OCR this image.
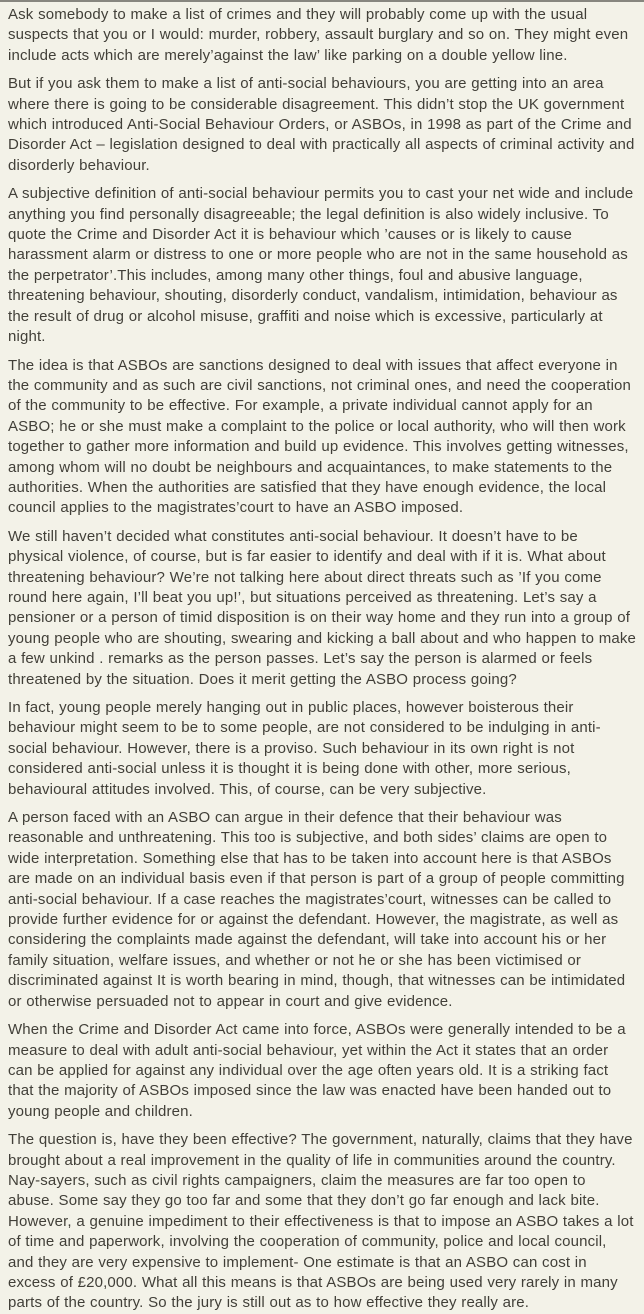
Ask somebody to make a list of crimes and they will probably come up with the usual suspects that you or I would: murder, robbery, assault burglary and so on. They might even include acts which are merely’against the law’ like parking on a double yellow line.

But if you ask them to make a list of anti-social behaviours, you are getting into an area where there is going to be considerable disagreement. This didn’t stop the UK government which introduced Anti-Social Behaviour Orders, or ASBOs, in 1998 as part of the Crime and Disorder Act – legislation designed to deal with practically all aspects of criminal activity and disorderly behaviour.

A subjective definition of anti-social behaviour permits you to cast your net wide and include anything you find personally disagreeable; the legal definition is also widely inclusive. To quote the Crime and Disorder Act it is behaviour which ’causes or is likely to cause harassment alarm or distress to one or more people who are not in the same household as the perpetrator’.This includes, among many other things, foul and abusive language, threatening behaviour, shouting, disorderly conduct, vandalism, intimidation, behaviour as the result of drug or alcohol misuse, graffiti and noise which is excessive, particularly at night.

The idea is that ASBOs are sanctions designed to deal with issues that affect everyone in the community and as such are civil sanctions, not criminal ones, and need the cooperation of the community to be effective. For example, a private individual cannot apply for an ASBO; he or she must make a complaint to the police or local authority, who will then work together to gather more information and build up evidence. This involves getting witnesses, among whom will no doubt be neighbours and acquaintances, to make statements to the authorities. When the authorities are satisfied that they have enough evidence, the local council applies to the magistrates’court to have an ASBO imposed.

We still haven’t decided what constitutes anti-social behaviour. It doesn’t have to be physical violence, of course, but is far easier to identify and deal with if it is. What about threatening behaviour? We’re not talking here about direct threats such as ’If you come round here again, I’ll beat you up!’, but situations perceived as threatening. Let’s say a pensioner or a person of timid disposition is on their way home and they run into a group of young people who are shouting, swearing and kicking a ball about and who happen to make a few unkind . remarks as the person passes. Let’s say the person is alarmed or feels threatened by the situation. Does it merit getting the ASBO process going?

In fact, young people merely hanging out in public places, however boisterous their behaviour might seem to be to some people, are not considered to be indulging in anti-social behaviour. However, there is a proviso. Such behaviour in its own right is not considered anti-social unless it is thought it is being done with other, more serious, behavioural attitudes involved. This, of course, can be very subjective.

A person faced with an ASBO can argue in their defence that their behaviour was reasonable and unthreatening. This too is subjective, and both sides’ claims are open to wide interpretation. Something else that has to be taken into account here is that ASBOs are made on an individual basis even if that person is part of a group of people committing anti-social behaviour. If a case reaches the magistrates’court, witnesses can be called to provide further evidence for or against the defendant. However, the magistrate, as well as considering the complaints made against the defendant, will take into account his or her family situation, welfare issues, and whether or not he or she has been victimised or discriminated against It is worth bearing in mind, though, that witnesses can be intimidated or otherwise persuaded not to appear in court and give evidence.

When the Crime and Disorder Act came into force, ASBOs were generally intended to be a measure to deal with adult anti-social behaviour, yet within the Act it states that an order can be applied for against any individual over the age often years old. It is a striking fact that the majority of ASBOs imposed since the law was enacted have been handed out to young people and children.

The question is, have they been effective? The government, naturally, claims that they have brought about a real improvement in the quality of life in communities around the country. Nay-sayers, such as civil rights campaigners, claim the measures are far too open to abuse. Some say they go too far and some that they don’t go far enough and lack bite. However, a genuine impediment to their effectiveness is that to impose an ASBO takes a lot of time and paperwork, involving the cooperation of community, police and local council, and they are very expensive to implement- One estimate is that an ASBO can cost in excess of £20,000. What all this means is that ASBOs are being used very rarely in many parts of the country. So the jury is still out as to how effective they really are.
